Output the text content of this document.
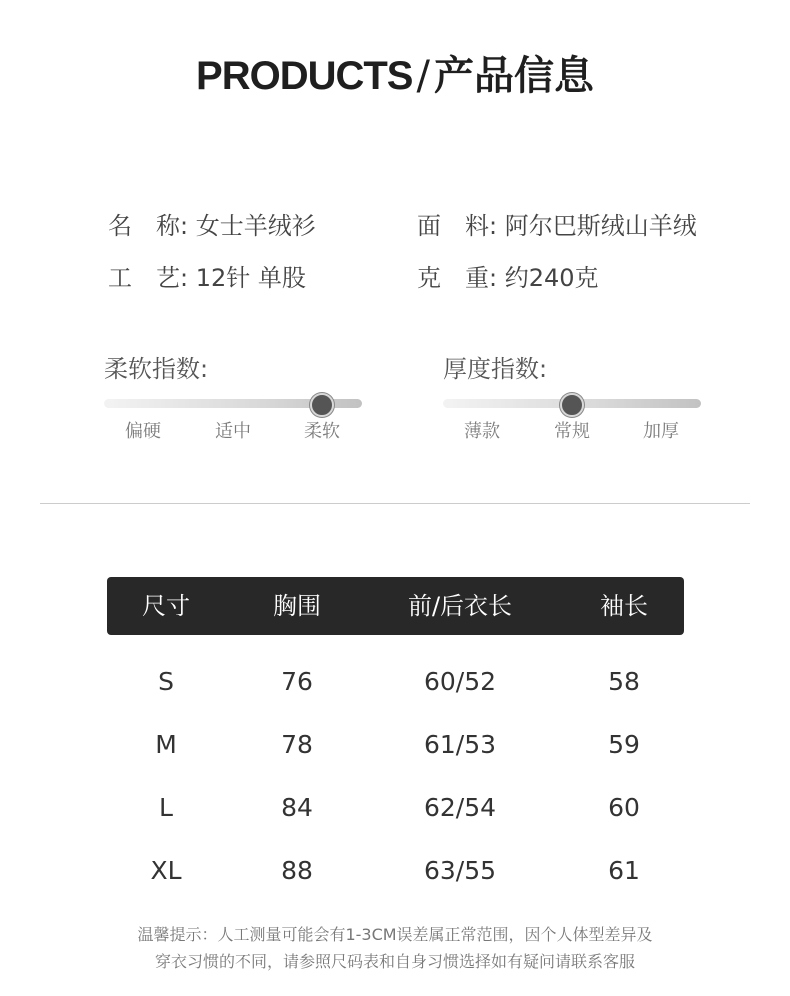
PRODUCTS / 产品信息
名　称: 女士羊绒衫	面　料: 阿尔巴斯绒山羊绒
工　艺: 12针 单股	克　重: 约240克
柔软指数:
偏硬	适中	柔软
厚度指数:
薄款	常规	加厚
尺寸	胸围	前/后衣长	袖长
S	76	60/52	58
M	78	61/53	59
L	84	62/54	60
XL	88	63/55	61
温馨提示：人工测量可能会有1-3CM误差属正常范围，因个人体型差异及
穿衣习惯的不同，请参照尺码表和自身习惯选择如有疑问请联系客服
